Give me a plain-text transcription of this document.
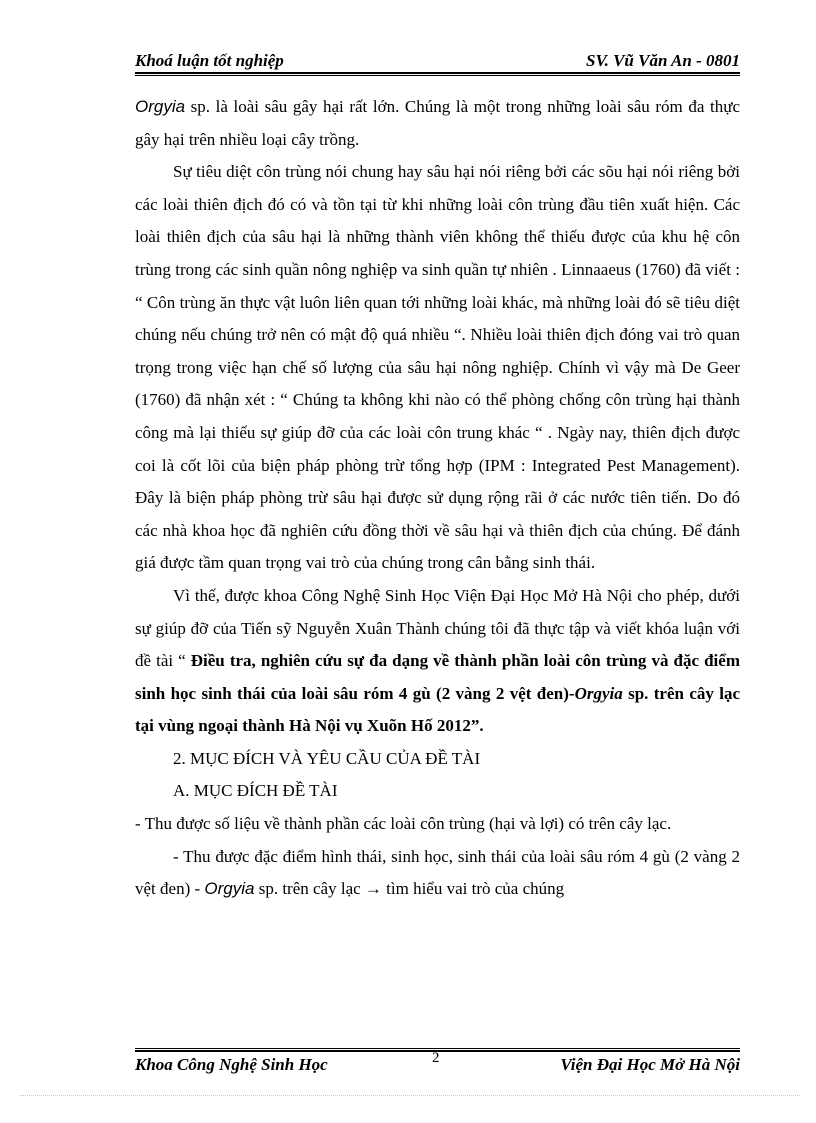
Khoá luận tốt nghiệp	SV. Vũ Văn An - 0801

Orgyia sp. là loài sâu gây hại rất lớn. Chúng là một trong những loài sâu róm đa thực gây hại trên nhiều loại cây trồng.

Sự tiêu diệt côn trùng nói chung hay sâu hại nói riêng bởi các sõu hại nói riêng bởi các loài thiên địch đó có và tồn tại từ khi những loài côn trùng đầu tiên xuất hiện. Các loài thiên địch của sâu hại là những thành viên không thể thiếu được của khu hệ côn trùng trong các sinh quần nông nghiệp va sinh quần tự nhiên . Linnaaeus (1760) đã viết : “ Côn trùng ăn thực vật luôn liên quan tới những loài khác, mà những loài đó sẽ tiêu diệt chúng nếu chúng trở nên có mật độ quá nhiều “. Nhiều loài thiên địch đóng vai trò quan trọng trong việc hạn chế số lượng của sâu hại nông nghiệp. Chính vì vậy mà De Geer (1760) đã nhận xét : “ Chúng ta không khi nào có thể phòng chống côn trùng hại thành công mà lại thiếu sự giúp đỡ của các loài côn trung khác “ . Ngày nay, thiên địch được coi là cốt lõi của biện pháp phòng trừ tổng hợp (IPM : Integrated Pest Management). Đây là biện pháp phòng trừ sâu hại được sử dụng rộng rãi ở các nước tiên tiến. Do đó các nhà khoa học đã nghiên cứu đồng thời về sâu hại và thiên địch của chúng. Để đánh giá được tầm quan trọng vai trò của chúng trong cân bằng sinh thái.

Vì thế, được khoa Công Nghệ Sinh Học Viện Đại Học Mở Hà Nội cho phép, dưới sự giúp đỡ của Tiến sỹ Nguyễn Xuân Thành chúng tôi đã thực tập và viết khóa luận với đề tài “ Điều tra, nghiên cứu sự đa dạng về thành phần loài côn trùng và đặc điểm sinh học sinh thái của loài sâu róm 4 gù (2 vàng 2 vệt đen)-Orgyia sp. trên cây lạc tại vùng ngoại thành Hà Nội vụ Xuõn Hố 2012”.

2. MỤC ĐÍCH VÀ YÊU CẦU CỦA ĐỀ TÀI

A. MỤC ĐÍCH ĐỀ TÀI

- Thu được số liệu về thành phần các loài côn trùng (hại và lợi) có trên cây lạc.

- Thu được đặc điểm hình thái, sinh học, sinh thái của loài sâu róm 4 gù (2 vàng 2 vệt đen) - Orgyia sp. trên cây lạc → tìm hiểu vai trò của chúng

Khoa Công Nghệ Sinh Học	2	Viện Đại Học Mở Hà Nội
